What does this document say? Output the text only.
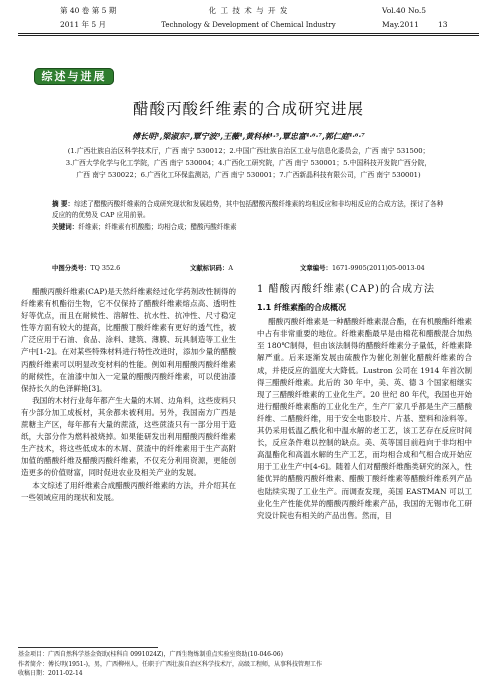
第 40 卷 第 5 期
2011 年 5 月
化 工 技 术 与 开 发
Technology & Development of Chemical Industry
Vol.40 No.5
May.2011	13
综述与进展
醋酸丙酸纤维素的合成研究进展
傅长明¹,梁淑东²,覃宁波³,王薇⁴,黄科林⁴·⁵,覃忠富⁴·⁶·⁷,郭仁庭⁴·⁶·⁷
(1.广西壮族自治区科学技术厅，广西 南宁 530012；2.中国广西壮族自治区工业与信息化委员会，广西 南宁 531500；
3.广西大学化学与化工学院，广西 南宁 530004；4.广西化工研究院，广西 南宁 530001；5.中国科技开发院广西分院，
广西 南宁 530022；6.广西化工环保监测站，广西 南宁 530001；7.广西新晶科技有限公司，广西 南宁 530001)
摘 要：综述了醋酸丙酸纤维素的合成研究现状和发展趋势，其中包括醋酸丙酸纤维素的均相反应和非均相反应的合成方法，探讨了各种反应的的优势及 CAP 应用前景。
关键词：纤维素；纤维素有机酸酯；均相合成；醋酸丙酸纤维素
中图分类号：TQ 352.6	文献标识码：A	文章编号：1671-9905(2011)05-0013-04

醋酸丙酸纤维素(CAP)是天然纤维素经过化学药剂改性制得的纤维素有机酯衍生物，它不仅保持了醋酸纤维素熔点高、透明性好等优点，而且在耐候性、溶解性、抗水性、抗冲性、尺寸稳定性等方面有较大的提高，比醋酸丁酸纤维素有更好的透气性，被广泛应用于石油、食品、涂料、建筑、薄膜、玩具制造等工业生产中[1-2]。在对某些特殊材料进行特性改进时，添加少量的醋酸丙酸纤维素可以明显改变材料的性能。例如利用醋酸丙酸纤维素的耐候性，在油漆中加入一定量的醋酸丙酸纤维素，可以使油漆保持长久的色泽鲜艳[3]。

我国的木材行业每年都产生大量的木屑、边角料，这些废料只有少部分加工成板材，其余都未被利用。另外，我国南方广西是蔗糖主产区，每年都有大量的蔗渣，这些蔗渣只有一部分用于造纸，大部分作为燃料被烧掉。如果能研发出利用醋酸丙酸纤维素生产技术，将这些低成本的木屑、蔗渣中的纤维素用于生产高附加值的醋酸纤维及醋酸丙酸纤维素，不仅充分利用资源，更能创造更多的价值财富，同时促进农业及相关产业的发展。

本文综述了用纤维素合成醋酸丙酸纤维素的方法，并介绍其在一些领域应用的现状和发展。

1 醋酸丙酸纤维素(CAP)的合成方法
1.1 纤维素酯的合成概况

醋酸丙酸纤维素是一种醋酸纤维素混合酯，在有机酸酯纤维素中占有非常重要的地位。纤维素酯最早是由棉花和醋酸混合加热至 180℃制得，但由该法制得的醋酸纤维素分子量低，纤维素降解严重。后来逐渐发展由硫酸作为催化剂催化醋酸纤维素的合成，并使反应的温度大大降低。Lustron 公司在 1914 年首次制得三醋酸纤维素。此后的 30 年中，美、英、德 3 个国家相继实现了三醋酸纤维素的工业化生产。20 世纪 80 年代，我国也开始进行醋酸纤维素酯的工业化生产，生产厂家几乎都是生产三醋酸纤维、二醋酸纤维，用于安全电影胶片、片基、塑料和涂料等。其仍采用低温乙酰化和中温水解的老工艺，该工艺存在反应时间长，反应条件难以控制的缺点。美、英等国目前趋向于非均相中高温酯化和高温水解的生产工艺，而均相合成和气相合成开始应用于工业生产中[4-6]。随着人们对醋酸纤维酯类研究的深入，性能优异的醋酸丙酸纤维素、醋酸丁酸纤维素等醋酸纤维系列产品也陆续实现了工业生产。而调查发现，美国 EASTMAN 可以工业化生产性能优异的醋酸丙酸纤维素产品，我国的无锡市化工研究设计院也有相关的产品出售。然而，目

基金项目：广西自然科学基金资助(桂科自 0991024Z)，广西生物炼制重点实验室资助(10-046-06)
作者简介：傅长明(1951-)，男，广西柳州人，任职于广西壮族自治区科学技术厅，高级工程师，从事科技管理工作
收稿日期：2011-02-14
